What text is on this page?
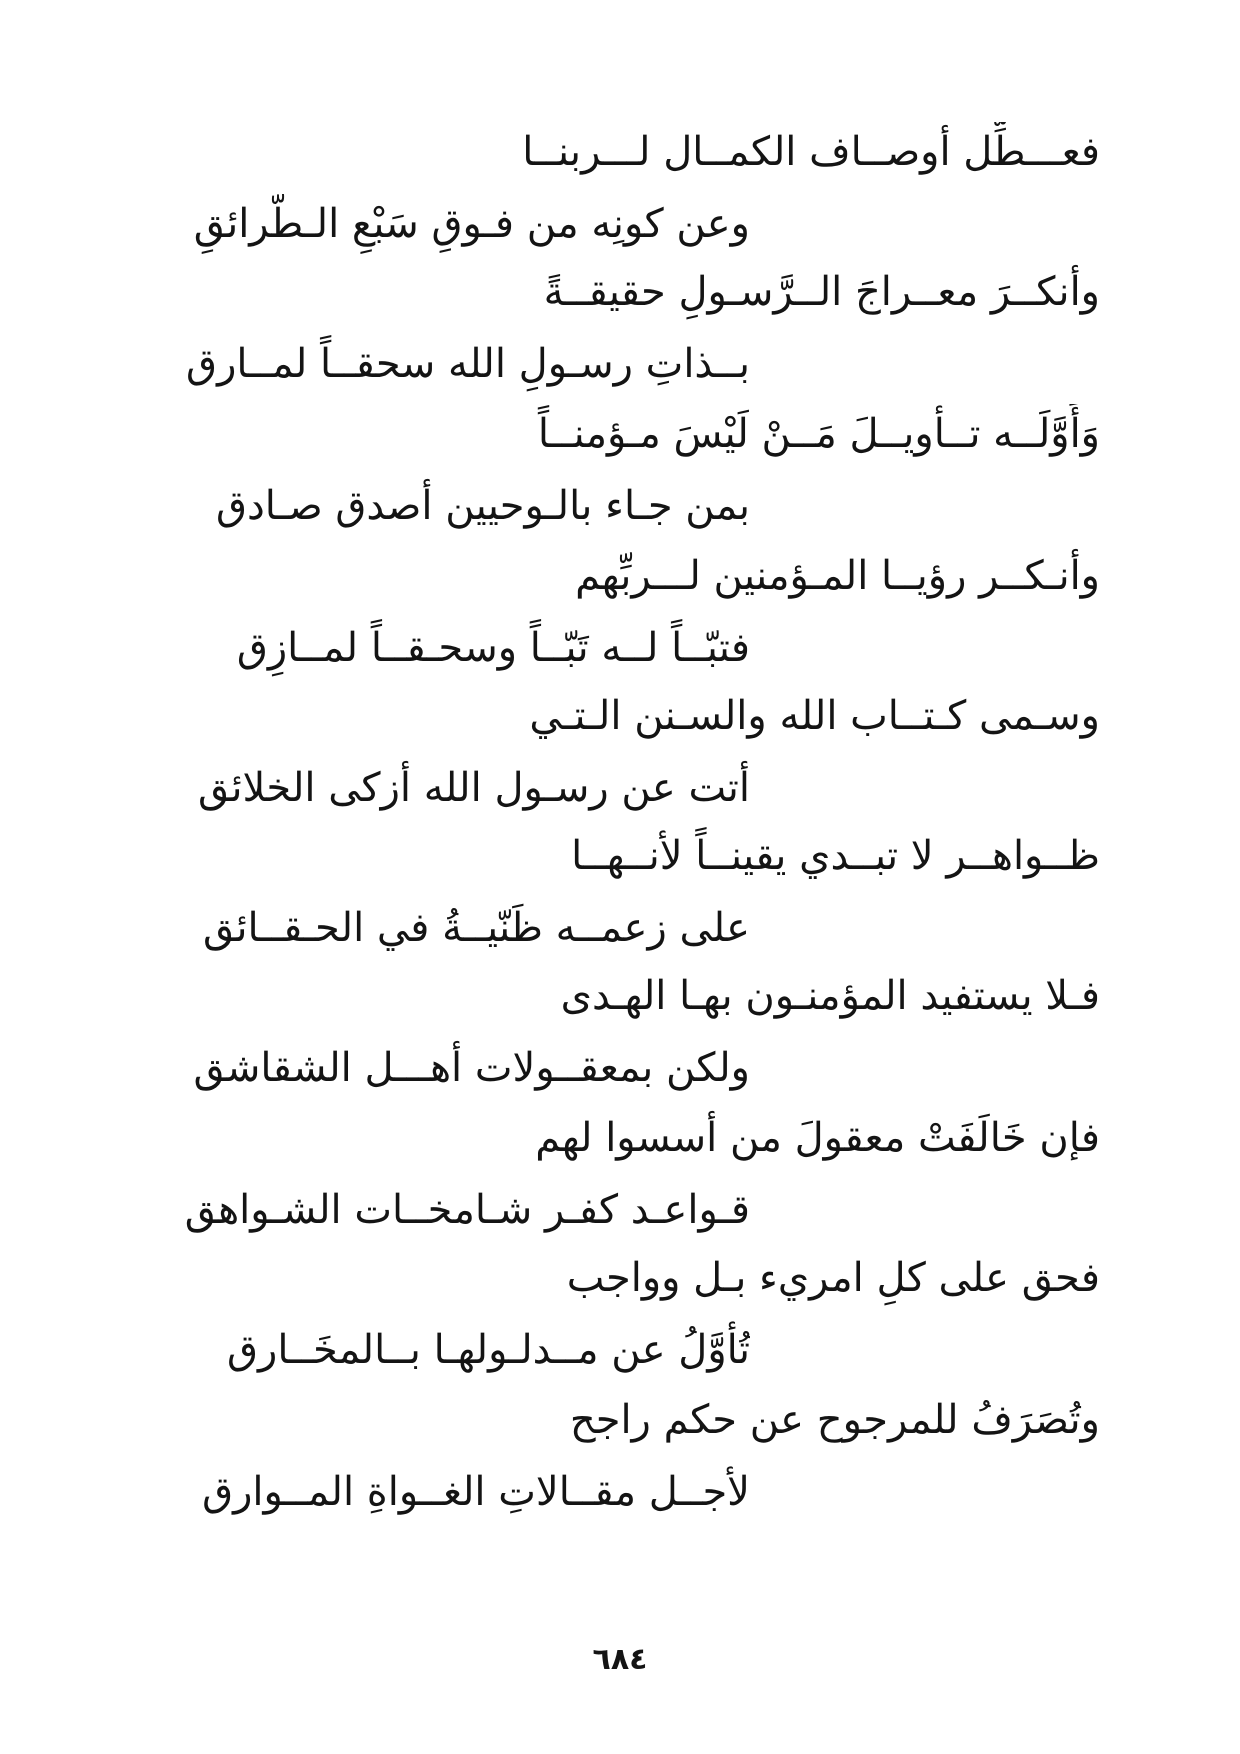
فعـــطِّل أوصــاف الكمــال لـــربنــا
وعن كونِه من فـوقِ سَبْعِ الـطَّرائقِ
وأنكــرَ معــراجَ الــرَّسـولِ حقيقــةً
بــذاتِ رسـولِ الله سحقــاً لمــارق
وَأَوَّلَــه تــأويــلَ مَــنْ لَيْسَ مـؤمنــاً
بمن جـاء بالـوحيين أصدق صـادق
وأنـكــر رؤيــا المـؤمنين لـــربِّهم
فتبّــاً لــه تَبّــاً وسحـقــاً لمــازِق
وسـمى كـتــاب الله والسـنن الـتـي
أتت عن رسـول الله أزكى الخلائق
ظــواهــر لا تبــدي يقينــاً لأنــهــا
على زعمــه ظَنّيــةُ في الحـقــائق
فـلا يستفيد المؤمنـون بهـا الهـدى
ولكن بمعقــولات أهـــل الشقاشق
فإن خَالَفَتْ معقولَ من أسسوا لهم
قـواعـد كفـر شـامخــات الشـواهق
فحق على كلِ امريء بـل وواجب
تُأَوَّلُ عن مــدلـولهـا بــالمخَــارق
وتُصَرَفُ للمرجوح عن حكم راجح
لأجــل مقــالاتِ الغــواةِ المــوارق
٦٨٤
